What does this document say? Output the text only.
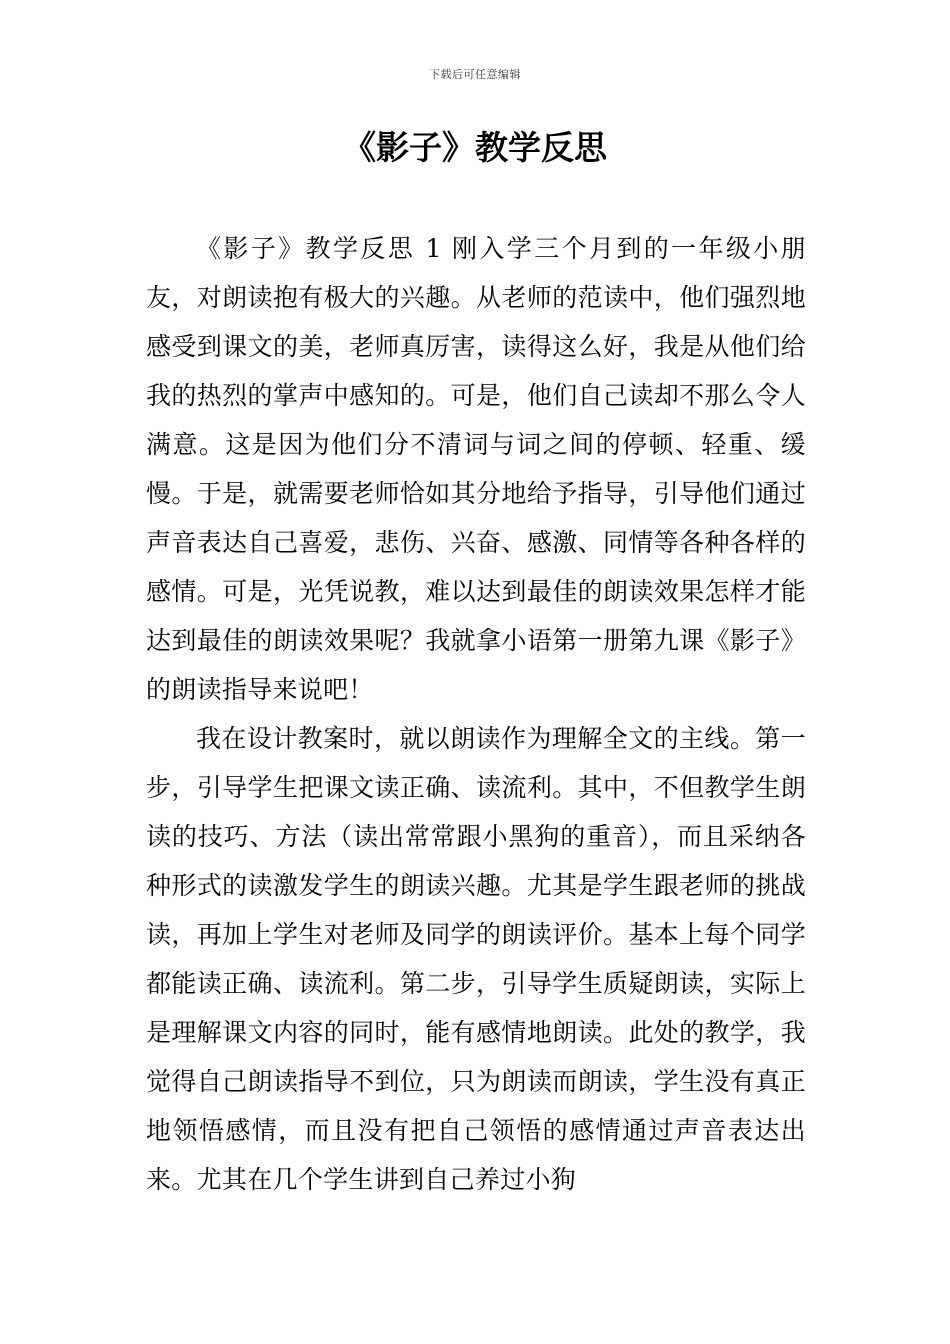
下载后可任意编辑
《影子》教学反思

《影子》教学反思 1 刚入学三个月到的一年级小朋友，对朗读抱有极大的兴趣。从老师的范读中，他们强烈地感受到课文的美，老师真厉害，读得这么好，我是从他们给我的热烈的掌声中感知的。可是，他们自己读却不那么令人满意。这是因为他们分不清词与词之间的停顿、轻重、缓慢。于是，就需要老师恰如其分地给予指导，引导他们通过声音表达自己喜爱，悲伤、兴奋、感激、同情等各种各样的感情。可是，光凭说教，难以达到最佳的朗读效果怎样才能达到最佳的朗读效果呢？我就拿小语第一册第九课《影子》的朗读指导来说吧！

我在设计教案时，就以朗读作为理解全文的主线。第一步，引导学生把课文读正确、读流利。其中，不但教学生朗读的技巧、方法（读出常常跟小黑狗的重音），而且采纳各种形式的读激发学生的朗读兴趣。尤其是学生跟老师的挑战读，再加上学生对老师及同学的朗读评价。基本上每个同学都能读正确、读流利。第二步，引导学生质疑朗读，实际上是理解课文内容的同时，能有感情地朗读。此处的教学，我觉得自己朗读指导不到位，只为朗读而朗读，学生没有真正地领悟感情，而且没有把自己领悟的感情通过声音表达出来。尤其在几个学生讲到自己养过小狗
